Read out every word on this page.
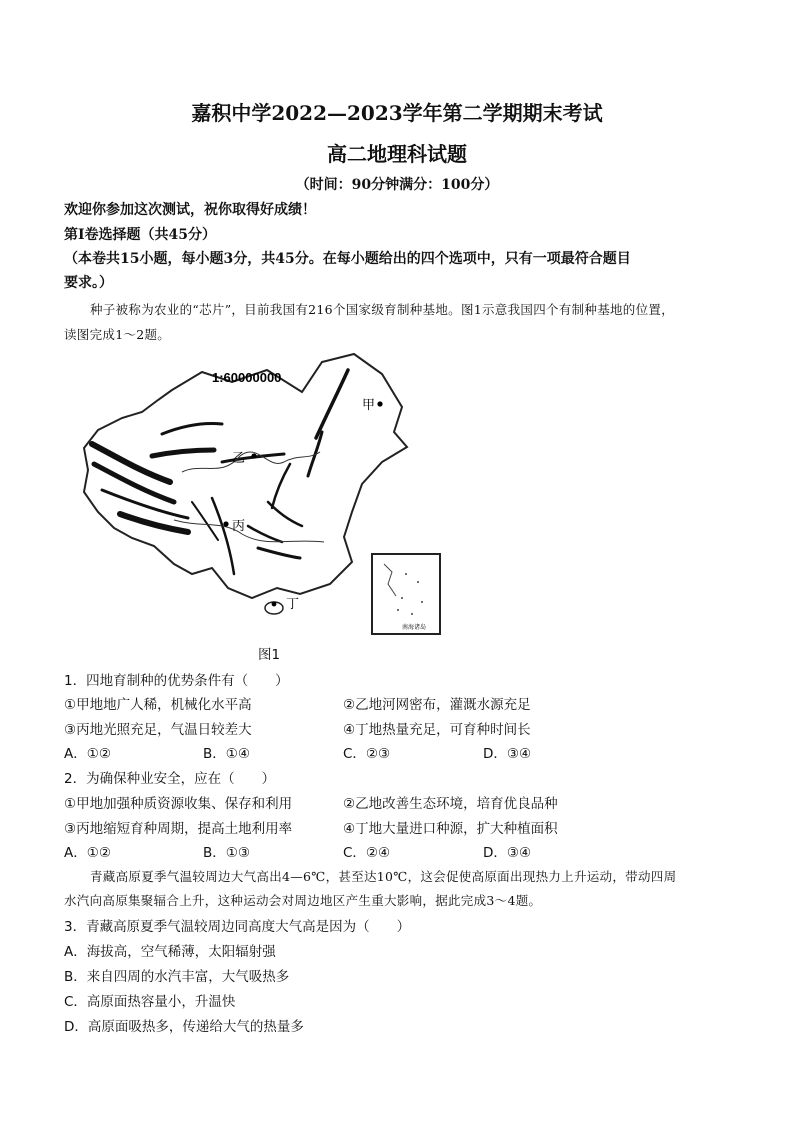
嘉积中学2022—2023学年第二学期期末考试
高二地理科试题
（时间：90分钟满分：100分）
欢迎你参加这次测试，祝你取得好成绩！
第I卷选择题（共45分）
（本卷共15小题，每小题3分，共45分。在每小题给出的四个选项中，只有一项最符合题目
要求。）
种子被称为农业的“芯片”，目前我国有216个国家级育制种基地。图1示意我国四个有制种基地的位置，
读图完成1～2题。
1:60000000
甲
乙
丙
丁
南海诸岛
图1
1．四地育制种的优势条件有（　　）
①甲地地广人稀，机械化水平高	②乙地河网密布，灌溉水源充足
③丙地光照充足，气温日较差大	④丁地热量充足，可育种时间长
A．①②	B．①④	C．②③	D．③④
2．为确保种业安全，应在（　　）
①甲地加强种质资源收集、保存和利用	②乙地改善生态环境，培育优良品种
③丙地缩短育种周期，提高土地利用率	④丁地大量进口种源，扩大种植面积
A．①②	B．①③	C．②④	D．③④
青藏高原夏季气温较周边大气高出4—6℃，甚至达10℃，这会促使高原面出现热力上升运动，带动四周
水汽向高原集聚辐合上升，这种运动会对周边地区产生重大影响，据此完成3～4题。
3．青藏高原夏季气温较周边同高度大气高是因为（　　）
A．海拔高，空气稀薄，太阳辐射强
B．来自四周的水汽丰富，大气吸热多
C．高原面热容量小，升温快
D．高原面吸热多，传递给大气的热量多
